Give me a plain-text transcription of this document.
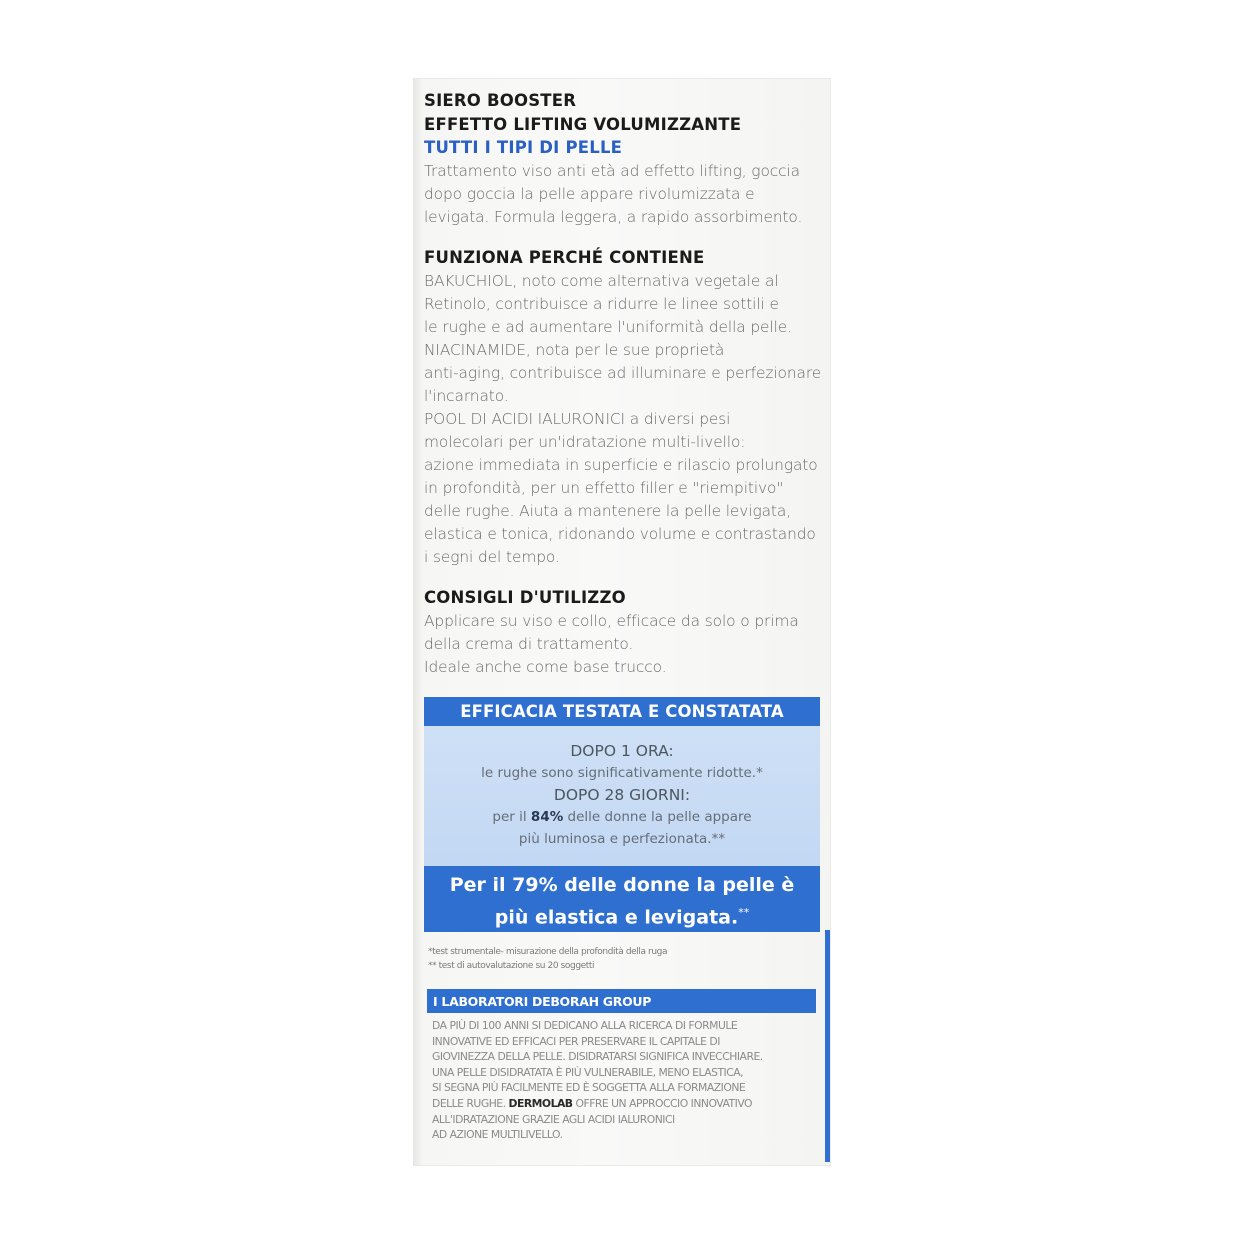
SIERO BOOSTER
EFFETTO LIFTING VOLUMIZZANTE
TUTTI I TIPI DI PELLE

Trattamento viso anti età ad effetto lifting, goccia

dopo goccia la pelle appare rivolumizzata e

levigata. Formula leggera, a rapido assorbimento.

FUNZIONA PERCHÉ CONTIENE

BAKUCHIOL, noto come alternativa vegetale al

Retinolo, contribuisce a ridurre le linee sottili e

le rughe e ad aumentare l'uniformità della pelle.

NIACINAMIDE, nota per le sue proprietà

anti-aging, contribuisce ad illuminare e perfezionare

l'incarnato.

POOL DI ACIDI IALURONICI a diversi pesi

molecolari per un'idratazione multi-livello:

azione immediata in superficie e rilascio prolungato

in profondità, per un effetto filler e "riempitivo"

delle rughe. Aiuta a mantenere la pelle levigata,

elastica e tonica, ridonando volume e contrastando

i segni del tempo.

CONSIGLI D'UTILIZZO

Applicare su viso e collo, efficace da solo o prima

della crema di trattamento.

Ideale anche come base trucco.

EFFICACIA TESTATA E CONSTATATA

DOPO 1 ORA:

le rughe sono significativamente ridotte.*

DOPO 28 GIORNI:

per il 84% delle donne la pelle appare

più luminosa e perfezionata.**

Per il 79% delle donne la pelle è

più elastica e levigata.**

*test strumentale- misurazione della profondità della ruga

** test di autovalutazione su 20 soggetti

I LABORATORI DEBORAH GROUP

DA PIÙ DI 100 ANNI SI DEDICANO ALLA RICERCA DI FORMULE

INNOVATIVE ED EFFICACI PER PRESERVARE IL CAPITALE DI

GIOVINEZZA DELLA PELLE. DISIDRATARSI SIGNIFICA INVECCHIARE.

UNA PELLE DISIDRATATA È PIÙ VULNERABILE, MENO ELASTICA,

SI SEGNA PIÙ FACILMENTE ED È SOGGETTA ALLA FORMAZIONE

DELLE RUGHE. DERMOLAB OFFRE UN APPROCCIO INNOVATIVO

ALL'IDRATAZIONE GRAZIE AGLI ACIDI IALURONICI

AD AZIONE MULTILIVELLO.
